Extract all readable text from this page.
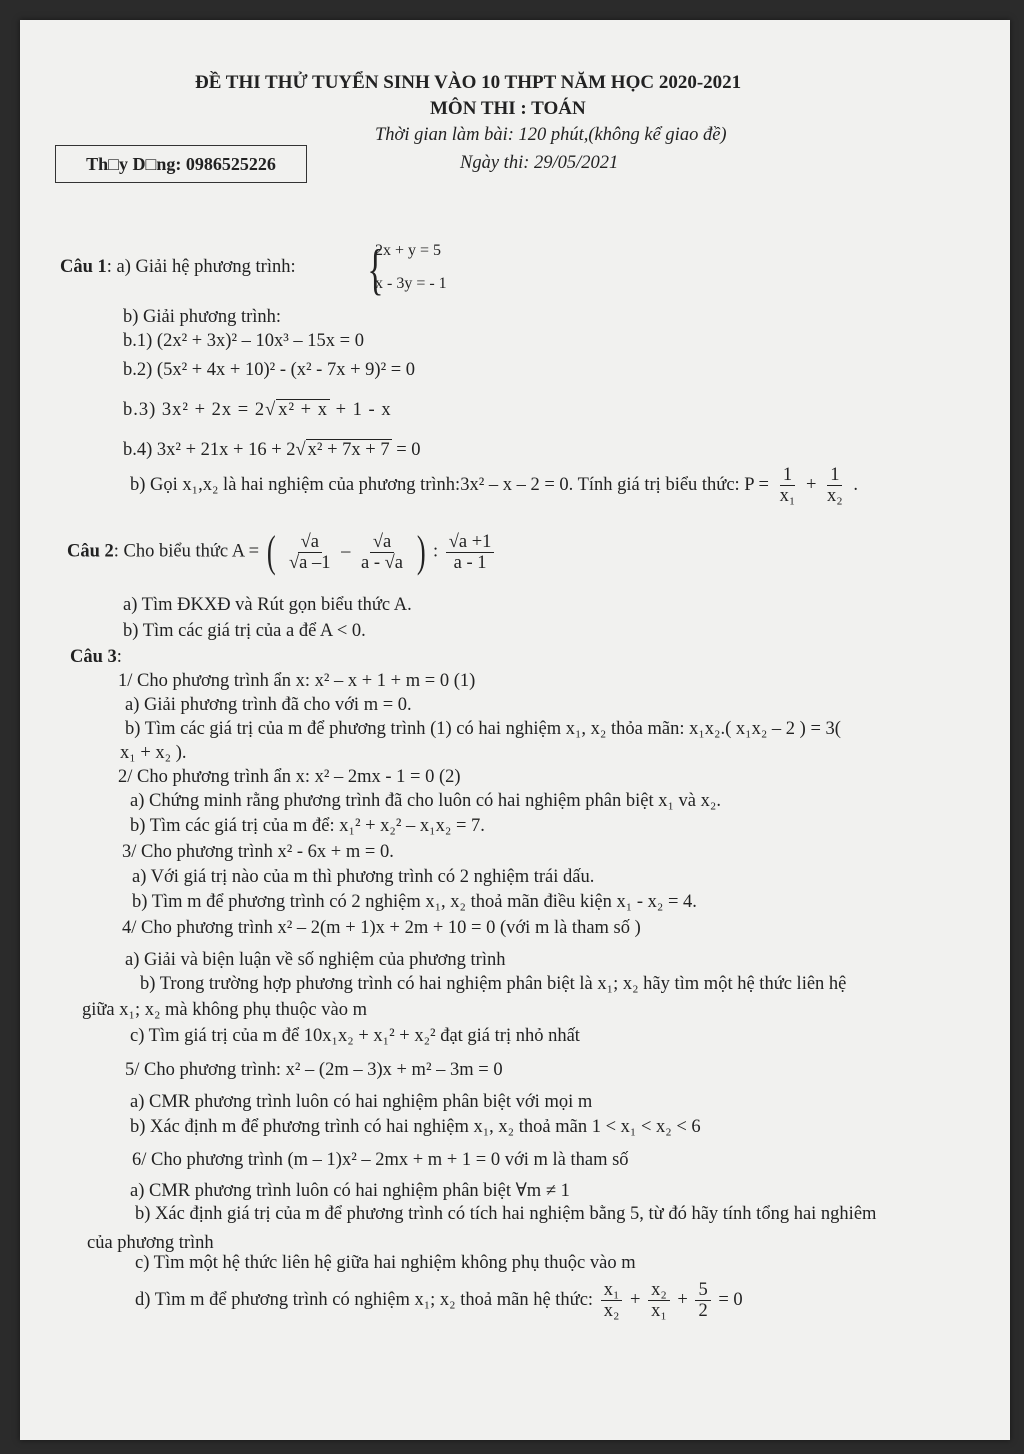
ĐỀ THI THỬ TUYỂN SINH VÀO 10 THPT NĂM HỌC 2020-2021
MÔN THI : TOÁN
Thời gian làm bài: 120 phút,(không kể giao đề)
Ngày thi: 29/05/2021
Th□y D□ng: 0986525226
Câu 1: a) Giải hệ phương trình: {
2x + y = 5
x - 3y = - 1
b) Giải phương trình:
b.1) (2x² + 3x)² – 10x³ – 15x = 0
b.2) (5x² + 4x + 10)² - (x² - 7x + 9)² = 0
b.3) 3x² + 2x = 2√ x² + x + 1 - x
b.4) 3x² + 21x + 16 + 2√ x² + 7x + 7 = 0
b) Gọi x₁,x₂ là hai nghiệm của phương trình:3x² – x – 2 = 0. Tính giá trị biểu thức: $P = \frac{1}{\text{x₁}} + \frac{1}{\text{x₂}}$ .
Câu 2: Cho biểu thức A = ( $\frac{√a}{√a -1} - \frac{√a}{a - √a}$ ) : $\frac{√a +1}{a - 1}$
a) Tìm ĐKXĐ và Rút gọn biểu thức A.
b) Tìm các giá trị của a để A < 0.
Câu 3:
1/ Cho phương trình ẩn x: x² – x + 1 + m = 0 (1)
a) Giải phương trình đã cho với m = 0.
b) Tìm các giá trị của m để phương trình (1) có hai nghiệm x₁, x₂ thỏa mãn: x₁x₂.( x₁x₂ – 2 ) = 3(
x₁ + x₂ ).
2/ Cho phương trình ẩn x: x² – 2mx - 1 = 0 (2)
a) Chứng minh rằng phương trình đã cho luôn có hai nghiệm phân biệt x₁ và x₂.
b) Tìm các giá trị của m để: x₁² + x₂² – x₁x₂ = 7.
3/ Cho phương trình x² - 6x + m = 0.
a) Với giá trị nào của m thì phương trình có 2 nghiệm trái dấu.
b) Tìm m để phương trình có 2 nghiệm x₁, x₂ thoả mãn điều kiện x₁ - x₂ = 4.
4/ Cho phương trình x² – 2(m + 1)x + 2m + 10 = 0 (với m là tham số )
a) Giải và biện luận về số nghiệm của phương trình
b) Trong trường hợp phương trình có hai nghiệm phân biệt là x₁; x₂ hãy tìm một hệ thức liên hệ
giữa x₁; x₂ mà không phụ thuộc vào m
c) Tìm giá trị của m để 10x₁x₂ + x₁² + x₂² đạt giá trị nhỏ nhất
5/ Cho phương trình: x² – (2m – 3)x + m² – 3m = 0
a) CMR phương trình luôn có hai nghiệm phân biệt với mọi m
b) Xác định m để phương trình có hai nghiệm x₁, x₂ thoả mãn 1 < x₁ < x₂ < 6
6/ Cho phương trình (m – 1)x² – 2mx + m + 1 = 0 với m là tham số
a) CMR phương trình luôn có hai nghiệm phân biệt ∀m ≠ 1
b) Xác định giá trị của m để phương trình có tích hai nghiệm bằng 5, từ đó hãy tính tổng hai nghiêm
của phương trình
c) Tìm một hệ thức liên hệ giữa hai nghiệm không phụ thuộc vào m
d) Tìm m để phương trình có nghiệm x₁; x₂ thoả mãn hệ thức: $\frac{\text{x₁}}{\text{x₂}} + \frac{\text{x₂}}{\text{x₁}} + \frac{5}{2} = 0$
